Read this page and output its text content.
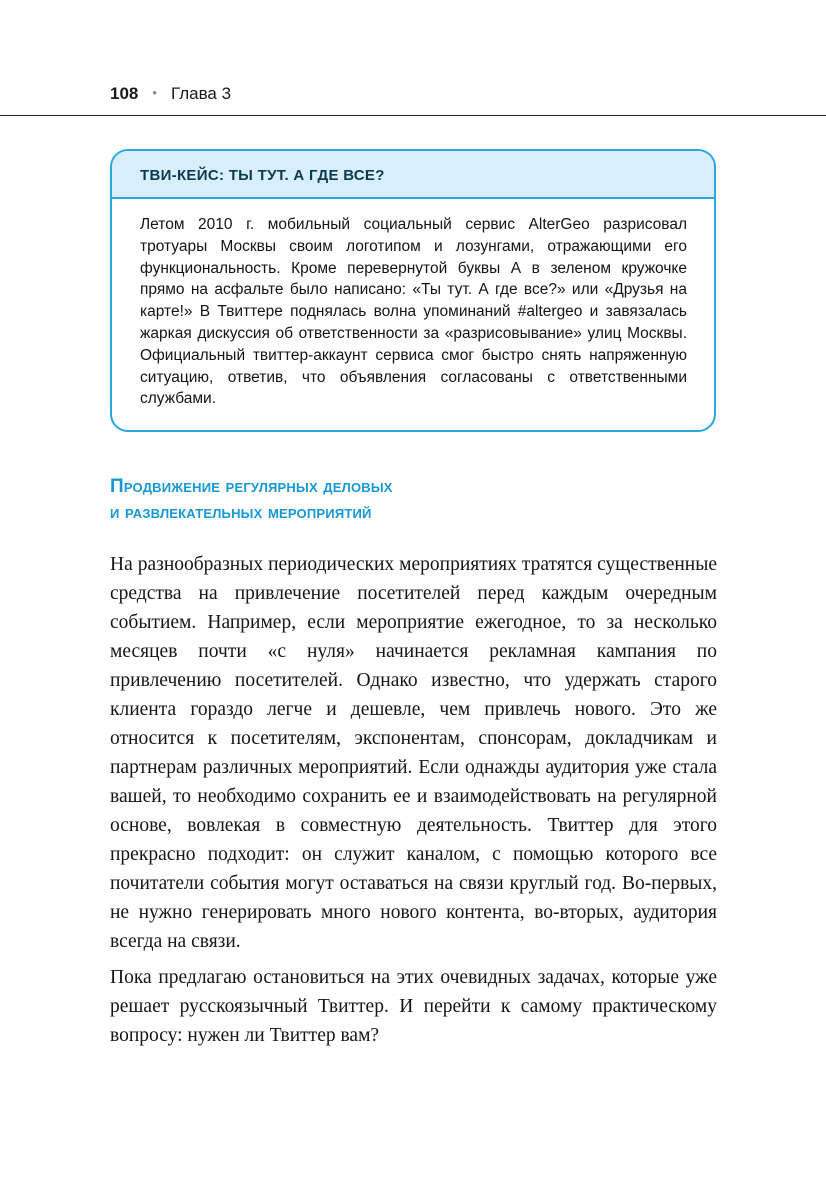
108 • Глава 3
ТВИ-КЕЙС: ТЫ ТУТ. А ГДЕ ВСЕ?

Летом 2010 г. мобильный социальный сервис AlterGeo разрисовал тротуары Москвы своим логотипом и лозунгами, отражающими его функциональность. Кроме перевернутой буквы А в зеленом кружочке прямо на асфальте было написано: «Ты тут. А где все?» или «Друзья на карте!» В Твиттере поднялась волна упоминаний #altergeo и завязалась жаркая дискуссия об ответственности за «разрисовывание» улиц Москвы. Официальный твиттер-аккаунт сервиса смог быстро снять напряженную ситуацию, ответив, что объявления согласованы с ответственными службами.

Продвижение регулярных деловых
и развлекательных мероприятий

На разнообразных периодических мероприятиях тратятся существенные средства на привлечение посетителей перед каждым очередным событием. Например, если мероприятие ежегодное, то за несколько месяцев почти «с нуля» начинается рекламная кампания по привлечению посетителей. Однако известно, что удержать старого клиента гораздо легче и дешевле, чем привлечь нового. Это же относится к посетителям, экспонентам, спонсорам, докладчикам и партнерам различных мероприятий. Если однажды аудитория уже стала вашей, то необходимо сохранить ее и взаимодействовать на регулярной основе, вовлекая в совместную деятельность. Твиттер для этого прекрасно подходит: он служит каналом, с помощью которого все почитатели события могут оставаться на связи круглый год. Во-первых, не нужно генерировать много нового контента, во-вторых, аудитория всегда на связи.

Пока предлагаю остановиться на этих очевидных задачах, которые уже решает русскоязычный Твиттер. И перейти к самому практическому вопросу: нужен ли Твиттер вам?
